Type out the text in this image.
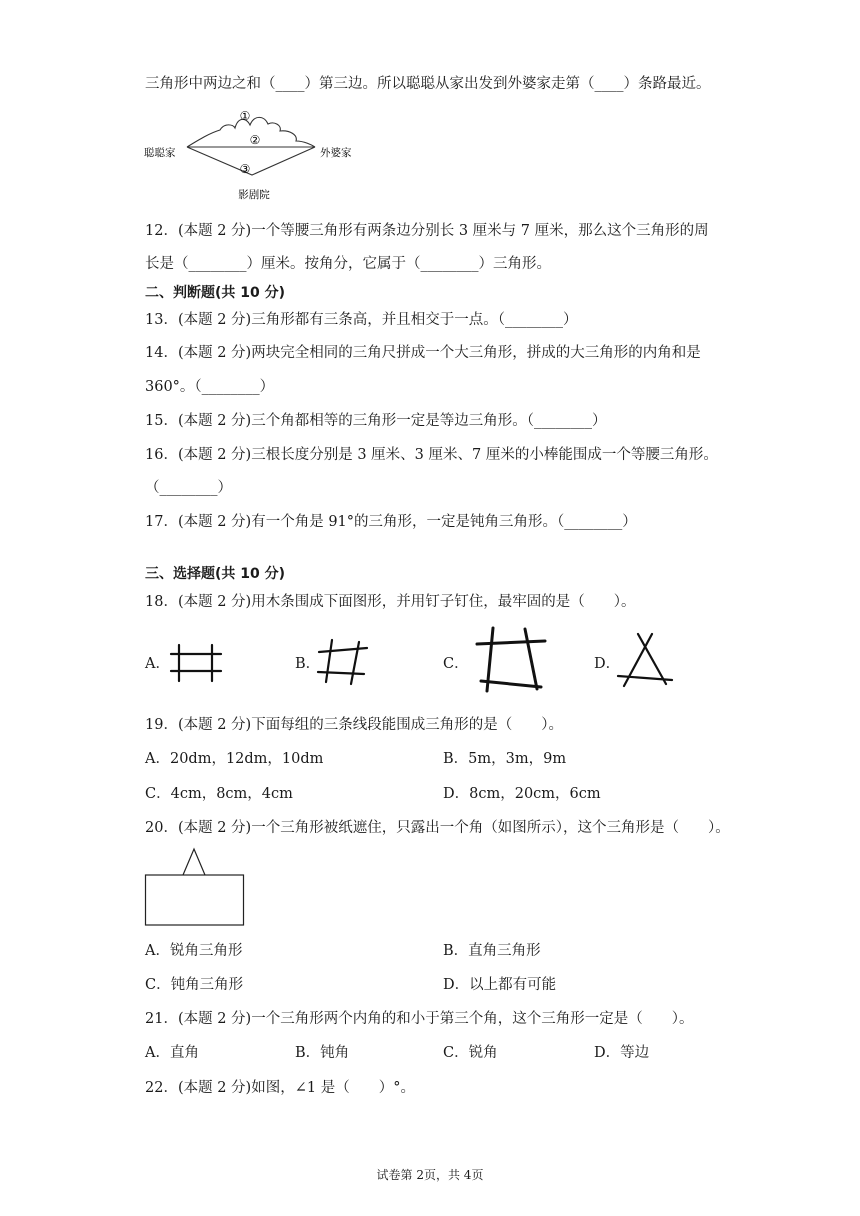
三角形中两边之和（____）第三边。所以聪聪从家出发到外婆家走第（____）条路最近。
①
②
③
聪聪家	外婆家
影剧院
12．(本题 2 分)一个等腰三角形有两条边分别长 3 厘米与 7 厘米，那么这个三角形的周
长是（________）厘米。按角分，它属于（________）三角形。
二、判断题(共 10 分)
13．(本题 2 分)三角形都有三条高，并且相交于一点。（________）
14．(本题 2 分)两块完全相同的三角尺拼成一个大三角形，拼成的大三角形的内角和是
360°。（________）
15．(本题 2 分)三个角都相等的三角形一定是等边三角形。（________）
16．(本题 2 分)三根长度分别是 3 厘米、3 厘米、7 厘米的小棒能围成一个等腰三角形。
（________）
17．(本题 2 分)有一个角是 91°的三角形，一定是钝角三角形。（________）
三、选择题(共 10 分)
18．(本题 2 分)用木条围成下面图形，并用钉子钉住，最牢固的是（　　）。
A．	B．	C．	D．
19．(本题 2 分)下面每组的三条线段能围成三角形的是（　　）。
A．20dm，12dm，10dm	B．5m，3m，9m
C．4cm，8cm，4cm	D．8cm，20cm，6cm
20．(本题 2 分)一个三角形被纸遮住，只露出一个角（如图所示），这个三角形是（　　）。
A．锐角三角形	B．直角三角形
C．钝角三角形	D．以上都有可能
21．(本题 2 分)一个三角形两个内角的和小于第三个角，这个三角形一定是（　　）。
A．直角	B．钝角	C．锐角	D．等边
22．(本题 2 分)如图，∠1 是（　　）°。
试卷第 2页，共 4页
